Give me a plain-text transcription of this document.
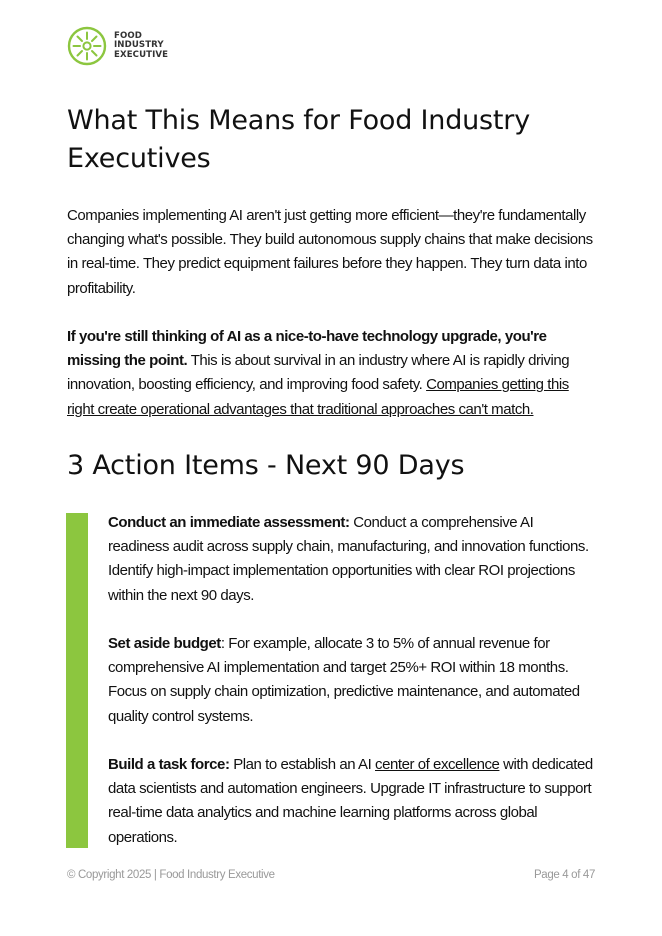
FOOD
INDUSTRY
EXECUTIVE
What This Means for Food Industry Executives

Companies implementing AI aren't just getting more efficient—they're fundamentally changing what's possible. They build autonomous supply chains that make decisions in real-time. They predict equipment failures before they happen. They turn data into profitability.

If you're still thinking of AI as a nice-to-have technology upgrade, you're missing the point. This is about survival in an industry where AI is rapidly driving innovation, boosting efficiency, and improving food safety. Companies getting this right create operational advantages that traditional approaches can't match.

3 Action Items - Next 90 Days

Conduct an immediate assessment: Conduct a comprehensive AI readiness audit across supply chain, manufacturing, and innovation functions. Identify high-impact implementation opportunities with clear ROI projections within the next 90 days.

Set aside budget: For example, allocate 3 to 5% of annual revenue for comprehensive AI implementation and target 25%+ ROI within 18 months. Focus on supply chain optimization, predictive maintenance, and automated quality control systems.

Build a task force: Plan to establish an AI center of excellence with dedicated data scientists and automation engineers. Upgrade IT infrastructure to support real-time data analytics and machine learning platforms across global operations.

© Copyright 2025 | Food Industry Executive	Page 4 of 47
